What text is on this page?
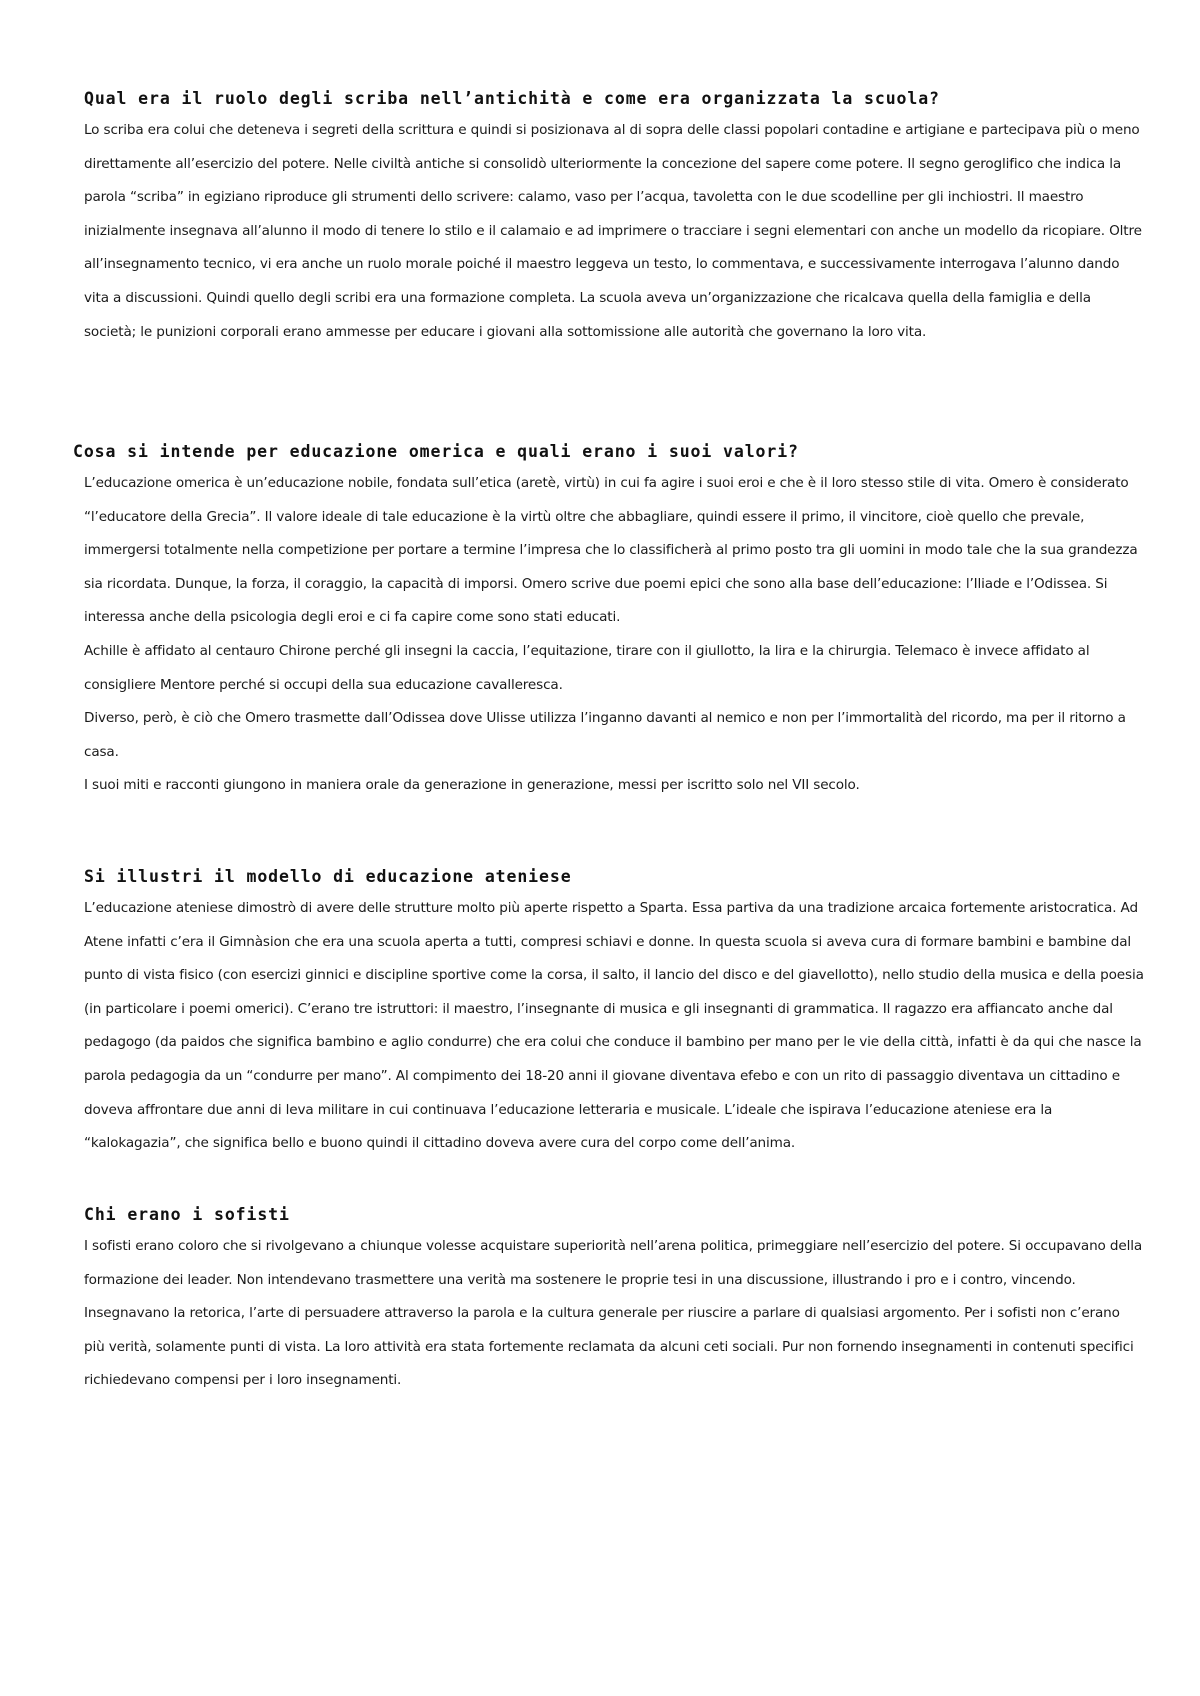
Qual era il ruolo degli scriba nell’antichità e come era organizzata la scuola?

Lo scriba era colui che deteneva i segreti della scrittura e quindi si posizionava al di sopra delle classi popolari contadine e artigiane e partecipava più o meno direttamente all’esercizio del potere. Nelle civiltà antiche si consolidò ulteriormente la concezione del sapere come potere. Il segno geroglifico che indica la parola “scriba” in egiziano riproduce gli strumenti dello scrivere: calamo, vaso per l’acqua, tavoletta con le due scodelline per gli inchiostri. Il maestro inizialmente insegnava all’alunno il modo di tenere lo stilo e il calamaio e ad imprimere o tracciare i segni elementari con anche un modello da ricopiare. Oltre all’insegnamento tecnico, vi era anche un ruolo morale poiché il maestro leggeva un testo, lo commentava, e successivamente interrogava l’alunno dando vita a discussioni. Quindi quello degli scribi era una formazione completa. La scuola aveva un’organizzazione che ricalcava quella della famiglia e della società; le punizioni corporali erano ammesse per educare i giovani alla sottomissione alle autorità che governano la loro vita.

Cosa si intende per educazione omerica e quali erano i suoi valori?

L’educazione omerica è un’educazione nobile, fondata sull’etica (aretè, virtù) in cui fa agire i suoi eroi e che è il loro stesso stile di vita. Omero è considerato “l’educatore della Grecia”. Il valore ideale di tale educazione è la virtù oltre che abbagliare, quindi essere il primo, il vincitore, cioè quello che prevale, immergersi totalmente nella competizione per portare a termine l’impresa che lo classificherà al primo posto tra gli uomini in modo tale che la sua grandezza sia ricordata. Dunque, la forza, il coraggio, la capacità di imporsi. Omero scrive due poemi epici che sono alla base dell’educazione: l’Iliade e l’Odissea. Si interessa anche della psicologia degli eroi e ci fa capire come sono stati educati.

Achille è affidato al centauro Chirone perché gli insegni la caccia, l’equitazione, tirare con il giullotto, la lira e la chirurgia. Telemaco è invece affidato al consigliere Mentore perché si occupi della sua educazione cavalleresca.

Diverso, però, è ciò che Omero trasmette dall’Odissea dove Ulisse utilizza l’inganno davanti al nemico e non per l’immortalità del ricordo, ma per il ritorno a casa.

I suoi miti e racconti giungono in maniera orale da generazione in generazione, messi per iscritto solo nel VII secolo.

Si illustri il modello di educazione ateniese

L’educazione ateniese dimostrò di avere delle strutture molto più aperte rispetto a Sparta. Essa partiva da una tradizione arcaica fortemente aristocratica. Ad Atene infatti c’era il Gimnàsion che era una scuola aperta a tutti, compresi schiavi e donne. In questa scuola si aveva cura di formare bambini e bambine dal punto di vista fisico (con esercizi ginnici e discipline sportive come la corsa, il salto, il lancio del disco e del giavellotto), nello studio della musica e della poesia (in particolare i poemi omerici). C’erano tre istruttori: il maestro, l’insegnante di musica e gli insegnanti di grammatica. Il ragazzo era affiancato anche dal pedagogo (da paidos che significa bambino e aglio condurre) che era colui che conduce il bambino per mano per le vie della città, infatti è da qui che nasce la parola pedagogia da un “condurre per mano”. Al compimento dei 18-20 anni il giovane diventava efebo e con un rito di passaggio diventava un cittadino e doveva affrontare due anni di leva militare in cui continuava l’educazione letteraria e musicale. L’ideale che ispirava l’educazione ateniese era la “kalokagazia”, che significa bello e buono quindi il cittadino doveva avere cura del corpo come dell’anima.

Chi erano i sofisti

I sofisti erano coloro che si rivolgevano a chiunque volesse acquistare superiorità nell’arena politica, primeggiare nell’esercizio del potere. Si occupavano della formazione dei leader. Non intendevano trasmettere una verità ma sostenere le proprie tesi in una discussione, illustrando i pro e i contro, vincendo. Insegnavano la retorica, l’arte di persuadere attraverso la parola e la cultura generale per riuscire a parlare di qualsiasi argomento. Per i sofisti non c’erano più verità, solamente punti di vista. La loro attività era stata fortemente reclamata da alcuni ceti sociali. Pur non fornendo insegnamenti in contenuti specifici richiedevano compensi per i loro insegnamenti.
